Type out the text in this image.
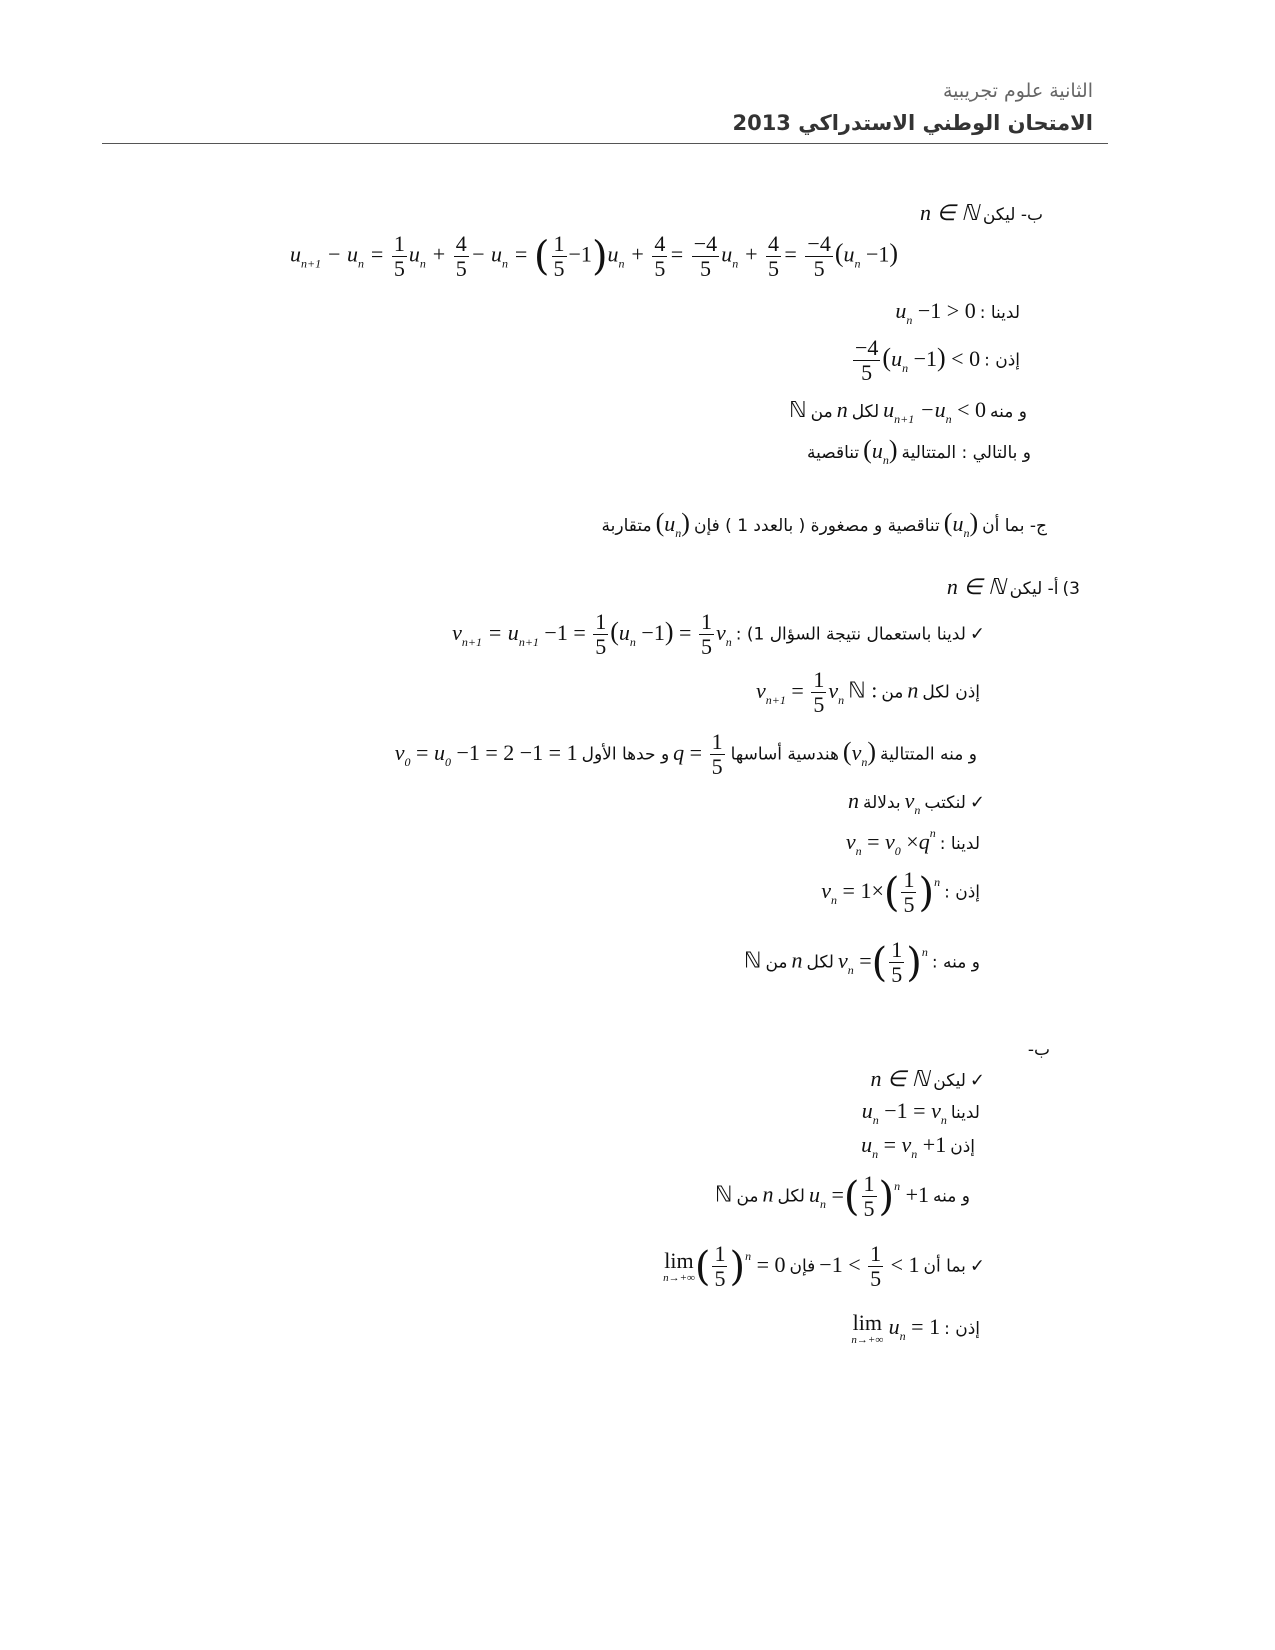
الثانية علوم تجريبية
الامتحان الوطني الاستدراكي 2013
ب- ليكن n ∈ ℕ
$u_{n+1} - u_n = \frac{1}{5} u_n + \frac{4}{5} - u_n$ = ( $\frac{1}{5} -1)u_n + \frac{4}{5} = \frac{-4}{5} u_n + \frac{4}{5} = \frac{-4}{5} (u_n -1)$
لدينا : $u_n -1 > 0$
إذن :
$\frac{-4}{5} (u_n -1) < 0$
و منه $u_{n+1} -u_n < 0$ لكل n من ℕ
و بالتالي : المتتالية $(u_n)$ تناقصية
ج- بما أن $(u_n)$ تناقصية و مصغورة ( بالعدد 1 ) فإن $(u_n)$ متقاربة
3) أ- ليكن n ∈ ℕ
✓ لدينا باستعمال نتيجة السؤال 1) : $v_{n+1} = u_{n+1} -1 = \frac{1}{5} (u_n -1) = \frac{1}{5} v_n$
إذن لكل n من ℕ : $v_{n+1} = \frac{1}{5} v_n$
و منه المتتالية $(v_n)$ هندسية أساسها $q = \frac{1}{5}$
و حدها الأول $v_0 = u_0 -1 = 2 -1 = 1$
✓ لنكتب $v_n$ بدلالة n
لدينا : $v_n = v_0 \times q^n$
إذن : $v_n = 1\times( \frac{1}{5} )^n$
و منه : $v_n$ =( $\frac{1}{5} )^n$ لكل n من ℕ
ب-
✓ ليكن n ∈ ℕ
لدينا $u_n -1 = v_n$
إذن $u_n = v_n +1$
و منه $u_n$ =( $\frac{1}{5} )^n +1$ لكل n من ℕ
✓ بما أن $-1 < \frac{1}{5} < 1$ فإن
lim
n→+∞ ( $\frac{1}{5} )^n = 0$
إذن :
lim
n→+∞
$u_n = 1$
